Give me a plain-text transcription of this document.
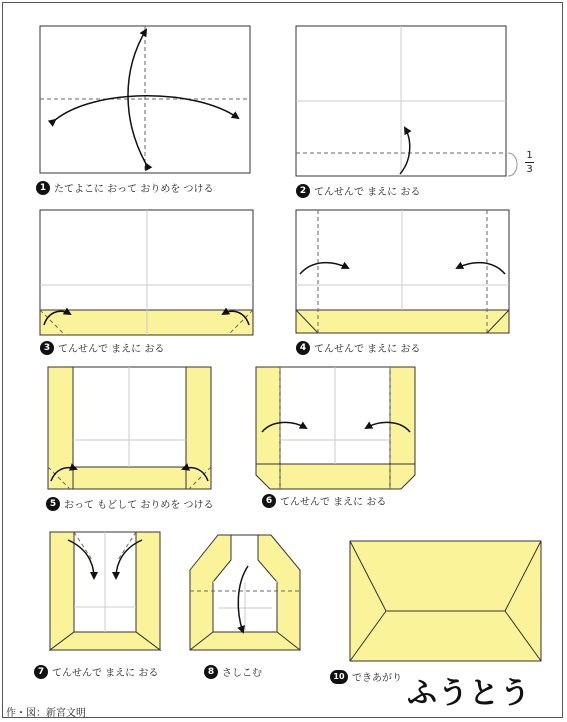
1
3
1 たてよこに おって おりめを つける	2 てんせんで まえに おる
3 てんせんで まえに おる	4 てんせんで まえに おる
5 おって もどして おりめを つける	6 てんせんで まえに おる
7 てんせんで まえに おる	8 さしこむ	10 できあがり ふうとう
作・図：新宮文明
